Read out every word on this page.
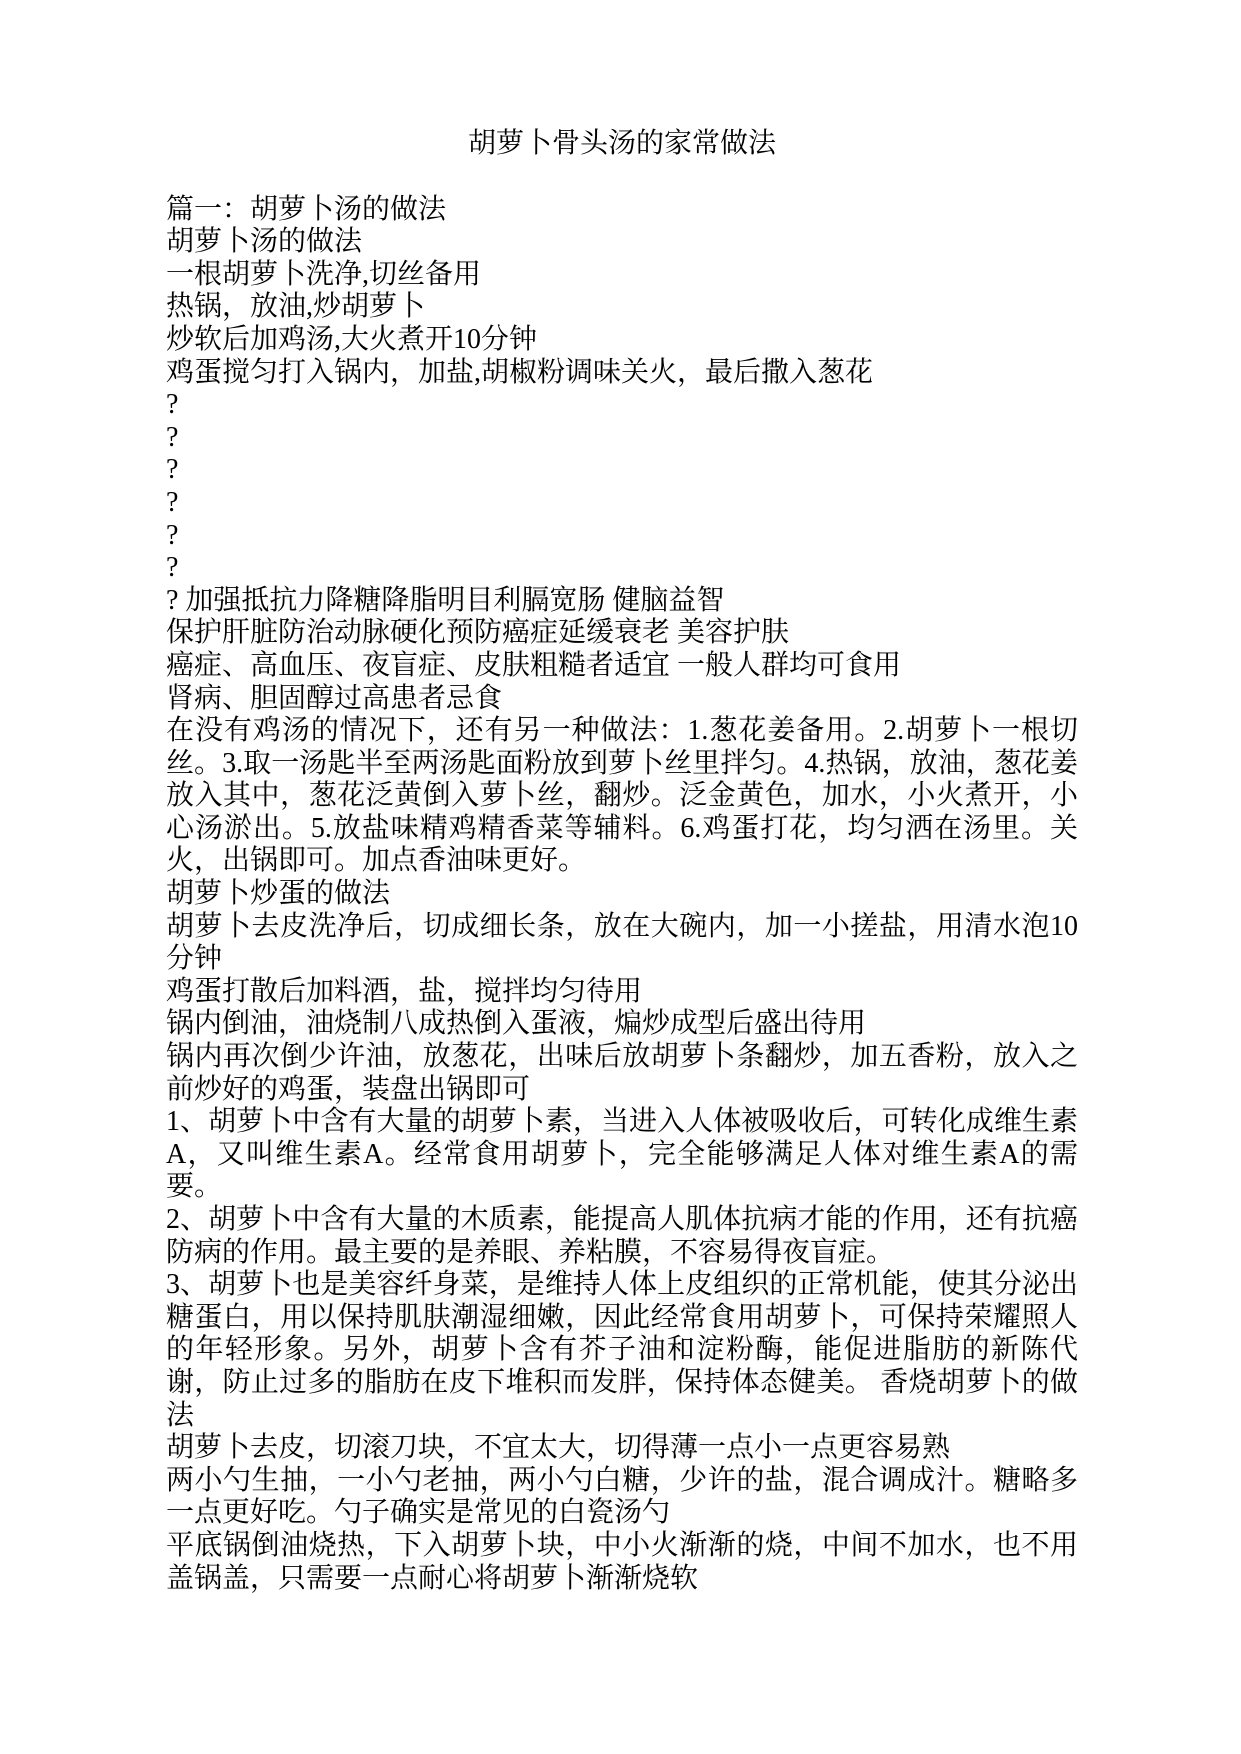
胡萝卜骨头汤的家常做法

篇一：胡萝卜汤的做法

胡萝卜汤的做法

一根胡萝卜洗净,切丝备用

热锅，放油,炒胡萝卜

炒软后加鸡汤,大火煮开10分钟

鸡蛋搅匀打入锅内，加盐,胡椒粉调味关火，最后撒入葱花

?

?

?

?

?

?

? 加强抵抗力降糖降脂明目利膈宽肠 健脑益智

保护肝脏防治动脉硬化预防癌症延缓衰老 美容护肤

癌症、高血压、夜盲症、皮肤粗糙者适宜 一般人群均可食用

肾病、胆固醇过高患者忌食

在没有鸡汤的情况下，还有另一种做法：1.葱花姜备用。2.胡萝卜一根切丝。3.取一汤匙半至两汤匙面粉放到萝卜丝里拌匀。4.热锅，放油，葱花姜放入其中，葱花泛黄倒入萝卜丝，翻炒。泛金黄色，加水，小火煮开，小心汤淤出。5.放盐味精鸡精香菜等辅料。6.鸡蛋打花，均匀洒在汤里。关火，出锅即可。加点香油味更好。

胡萝卜炒蛋的做法

胡萝卜去皮洗净后，切成细长条，放在大碗内，加一小搓盐，用清水泡10分钟

鸡蛋打散后加料酒，盐，搅拌均匀待用

锅内倒油，油烧制八成热倒入蛋液，煸炒成型后盛出待用

锅内再次倒少许油，放葱花，出味后放胡萝卜条翻炒，加五香粉，放入之前炒好的鸡蛋，装盘出锅即可

1、胡萝卜中含有大量的胡萝卜素，当进入人体被吸收后，可转化成维生素A，又叫维生素A。经常食用胡萝卜，完全能够满足人体对维生素A的需要。

2、胡萝卜中含有大量的木质素，能提高人肌体抗病才能的作用，还有抗癌防病的作用。最主要的是养眼、养粘膜，不容易得夜盲症。

3、胡萝卜也是美容纤身菜，是维持人体上皮组织的正常机能，使其分泌出糖蛋白，用以保持肌肤潮湿细嫩，因此经常食用胡萝卜，可保持荣耀照人的年轻形象。另外，胡萝卜含有芥子油和淀粉酶，能促进脂肪的新陈代谢，防止过多的脂肪在皮下堆积而发胖，保持体态健美。 香烧胡萝卜的做法

胡萝卜去皮，切滚刀块，不宜太大，切得薄一点小一点更容易熟

两小勺生抽，一小勺老抽，两小勺白糖，少许的盐，混合调成汁。糖略多一点更好吃。勺子确实是常见的白瓷汤勺

平底锅倒油烧热，下入胡萝卜块，中小火渐渐的烧，中间不加水，也不用盖锅盖，只需要一点耐心将胡萝卜渐渐烧软
